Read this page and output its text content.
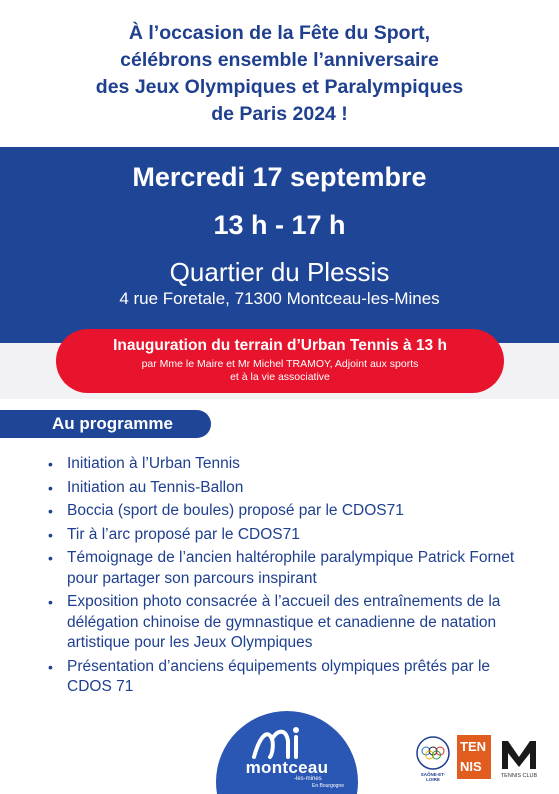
À l’occasion de la Fête du Sport,
célébrons ensemble l’anniversaire
des Jeux Olympiques et Paralympiques
de Paris 2024 !
Mercredi 17 septembre
13 h - 17 h
Quartier du Plessis
4 rue Foretale, 71300 Montceau-les-Mines
Inauguration du terrain d’Urban Tennis à 13 h
par Mme le Maire et Mr Michel TRAMOY, Adjoint aux sports et à la vie associative
Au programme
• Initiation à l’Urban Tennis
• Initiation au Tennis-Ballon
• Boccia (sport de boules) proposé par le CDOS71
• Tir à l’arc proposé par le CDOS71
• Témoignage de l’ancien haltérophile paralympique Patrick Fornet pour partager son parcours inspirant
• Exposition photo consacrée à l’accueil des entraînements de la délégation chinoise de gymnastique et canadienne de natation artistique pour les Jeux Olympiques
• Présentation d’anciens équipements olympiques prêtés par le CDOS 71
montceau
-les-mines
En Bourgogne
SAÔNE-ET-
LOIRE
TEN
NIS
TENNIS CLUB
